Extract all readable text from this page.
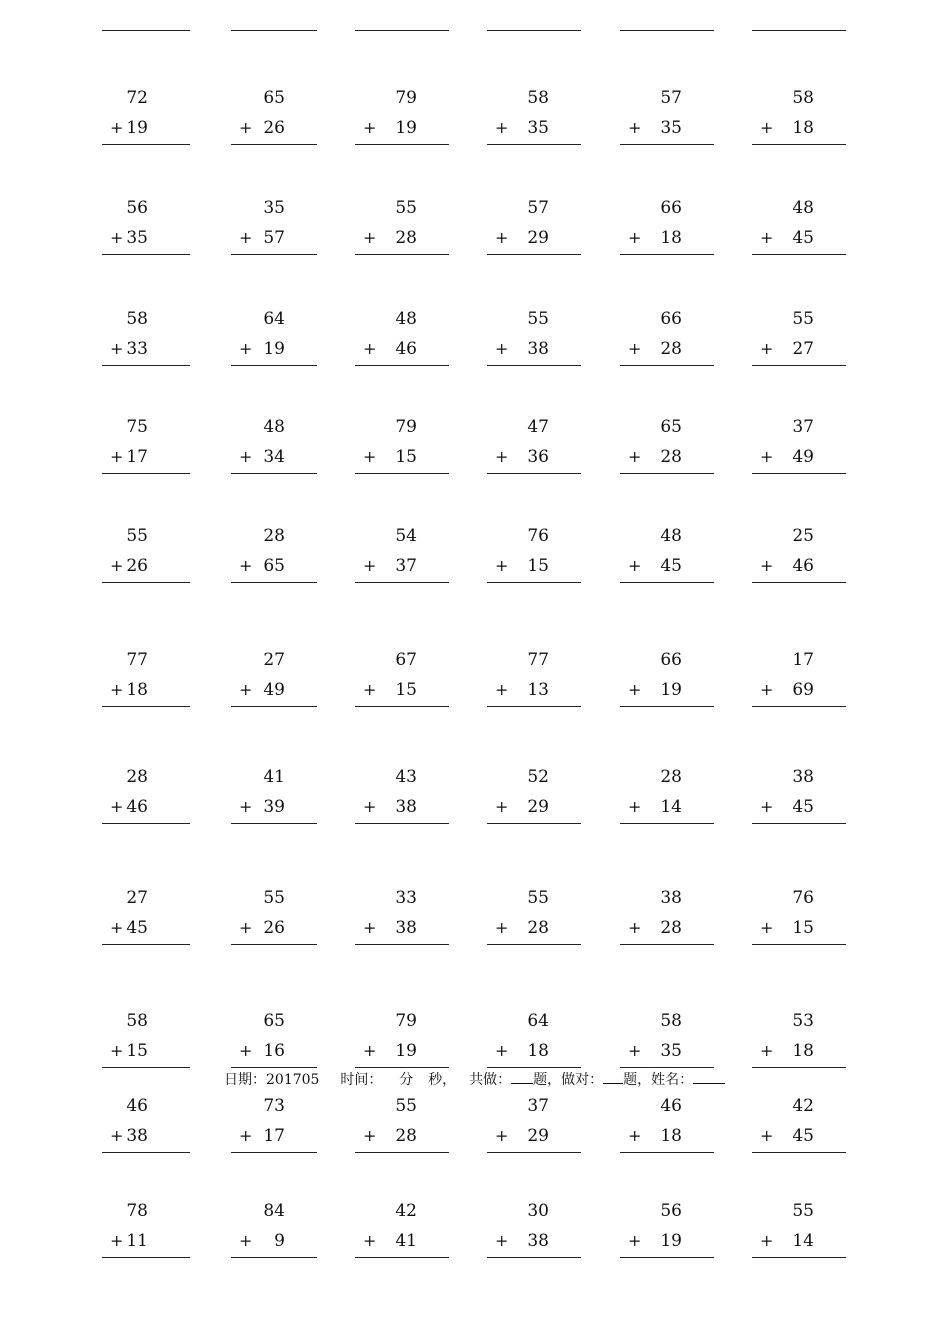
72
+ 19
65
+ 26
79
+	19
58
+	35
57
+	35
58
+	18
56
+ 35
35
+ 57
55
+	28
57
+	29
66
+	18
48
+	45
58
+ 33
64
+ 19
48
+	46
55
+	38
66
+	28
55
+	27
75
+ 17
48
+ 34
79
+	15
47
+	36
65
+	28
37
+	49
55
+ 26
28
+ 65
54
+	37
76
+	15
48
+	45
25
+	46
77
+ 18
27
+ 49
67
+	15
77
+	13
66
+	19
17
+	69
28
+ 46
41
+ 39
43
+	38
52
+	29
28
+	14
38
+	45
27
+ 45
55
+ 26
33
+	38
55
+	28
38
+	28
76
+	15
58
+ 15
65
+ 16
79
+	19
64
+	18
58
+	35
53
+	18
46
+ 38
73
+ 17
55
+	28
37
+	29
46
+	18
42
+	45
78
+ 11
84
+	9
42
+	41
30
+	38
56
+	19
55
+	14
日期：201705 时间： 分 秒， 共做： 题，做对： 题，姓名：
